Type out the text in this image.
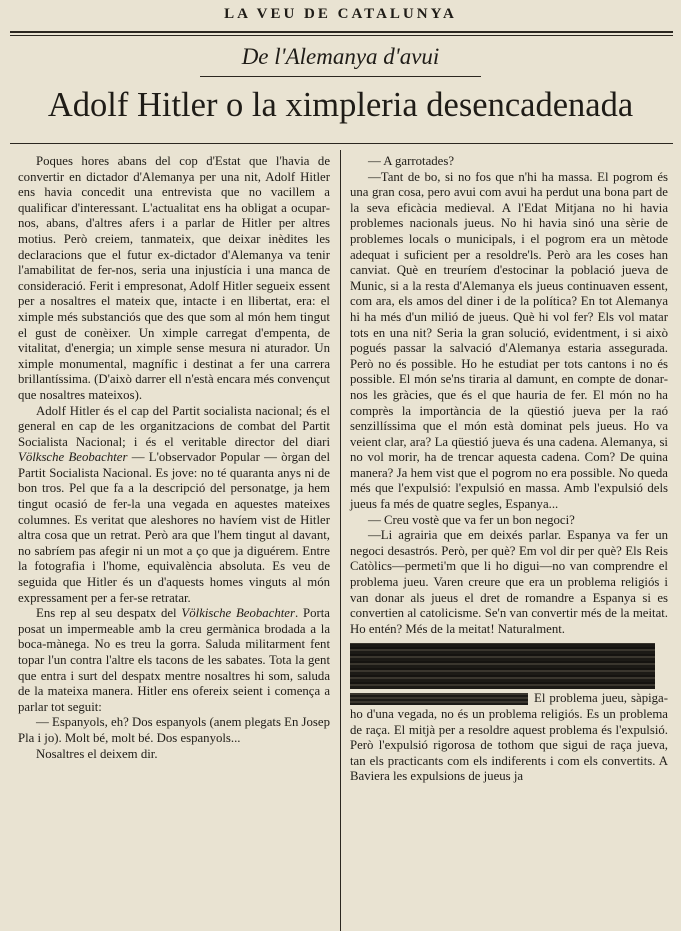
LA VEU DE CATALUNYA
De l'Alemanya d'avui
Adolf Hitler o la ximpleria desencadenada

Poques hores abans del cop d'Estat que l'havia de convertir en dictador d'Alemanya per una nit, Adolf Hitler ens havia concedit una entrevista que no vacillem a qualificar d'interessant. L'actualitat ens ha obligat a ocupar-nos, abans, d'altres afers i a parlar de Hitler per altres motius. Però creiem, tanmateix, que deixar inèdites les declaracions que el futur ex-dictador d'Alemanya va tenir l'amabilitat de fer-nos, seria una injustícia i una manca de consideració. Ferit i empresonat, Adolf Hitler segueix essent per a nosaltres el mateix que, intacte i en llibertat, era: el ximple més substanciós que des que som al món hem tingut el gust de conèixer. Un ximple carregat d'empenta, de vitalitat, d'energia; un ximple sense mesura ni aturador. Un ximple monumental, magnífic i destinat a fer una carrera brillantíssima. (D'això darrer ell n'està encara més convençut que nosaltres mateixos).

Adolf Hitler és el cap del Partit socialista nacional; és el general en cap de les organitzacions de combat del Partit Socialista Nacional; i és el veritable director del diari Völksche Beobachter — L'observador Popular — òrgan del Partit Socialista Nacional. Es jove: no té quaranta anys ni de bon tros. Pel que fa a la descripció del personatge, ja hem tingut ocasió de fer-la una vegada en aquestes mateixes columnes. Es veritat que aleshores no havíem vist de Hitler altra cosa que un retrat. Però ara que l'hem tingut al davant, no sabríem pas afegir ni un mot a ço que ja diguérem. Entre la fotografia i l'home, equivalència absoluta. Es veu de seguida que Hitler és un d'aquests homes vinguts al món expressament per a fer-se retratar.

Ens rep al seu despatx del Völkische Beobachter. Porta posat un impermeable amb la creu germànica brodada a la boca-mànega. No es treu la gorra. Saluda militarment fent topar l'un contra l'altre els tacons de les sabates. Tota la gent que entra i surt del despatx mentre nosaltres hi som, saluda de la mateixa manera. Hitler ens ofereix seient i comença a parlar tot seguit:

— Espanyols, eh? Dos espanyols (anem plegats En Josep Pla i jo). Molt bé, molt bé. Dos espanyols...

Nosaltres el deixem dir.

— A garrotades?

—Tant de bo, si no fos que n'hi ha massa. El pogrom és una gran cosa, pero avui com avui ha perdut una bona part de la seva eficàcia medieval. A l'Edat Mitjana no hi havia problemes nacionals jueus. No hi havia sinó una sèrie de problemes locals o municipals, i el pogrom era un mètode adequat i suficient per a resoldre'ls. Però ara les coses han canviat. Què en treuríem d'estocinar la població jueva de Munic, si a la resta d'Alemanya els jueus continuaven essent, com ara, els amos del diner i de la política? En tot Alemanya hi ha més d'un milió de jueus. Què hi vol fer? Els vol matar tots en una nit? Seria la gran solució, evidentment, i si això pogués passar la salvació d'Alemanya estaria assegurada. Però no és possible. Ho he estudiat per tots cantons i no és possible. El món se'ns tiraria al damunt, en compte de donar-nos les gràcies, que és el que hauria de fer. El món no ha comprès la importància de la qüestió jueva per la raó senzillíssima que el món està dominat pels jueus. Ho va veient clar, ara? La qüestió jueva és una cadena. Alemanya, si no vol morir, ha de trencar aquesta cadena. Com? De quina manera? Ja hem vist que el pogrom no era possible. No queda més que l'expulsió: l'expulsió en massa. Amb l'expulsió dels jueus fa més de quatre segles, Espanya...

— Creu vostè que va fer un bon negoci?

—Li agrairia que em deixés parlar. Espanya va fer un negoci desastrós. Però, per què? Em vol dir per què? Els Reis Catòlics—permeti'm que li ho digui—no van comprendre el problema jueu. Varen creure que era un problema religiós i van donar als jueus el dret de romandre a Espanya si es convertien al catolicisme. Se'n van convertir més de la meitat. Ho entén? Més de la meitat! Naturalment.

El problema jueu, sàpiga-ho d'una vegada, no és un problema religiós. Es un problema de raça. El mitjà per a resoldre aquest problema és l'expulsió. Però l'expulsió rigorosa de tothom que sigui de raça jueva, tan els practicants com els indiferents i com els convertits. A Baviera les expulsions de jueus ja
